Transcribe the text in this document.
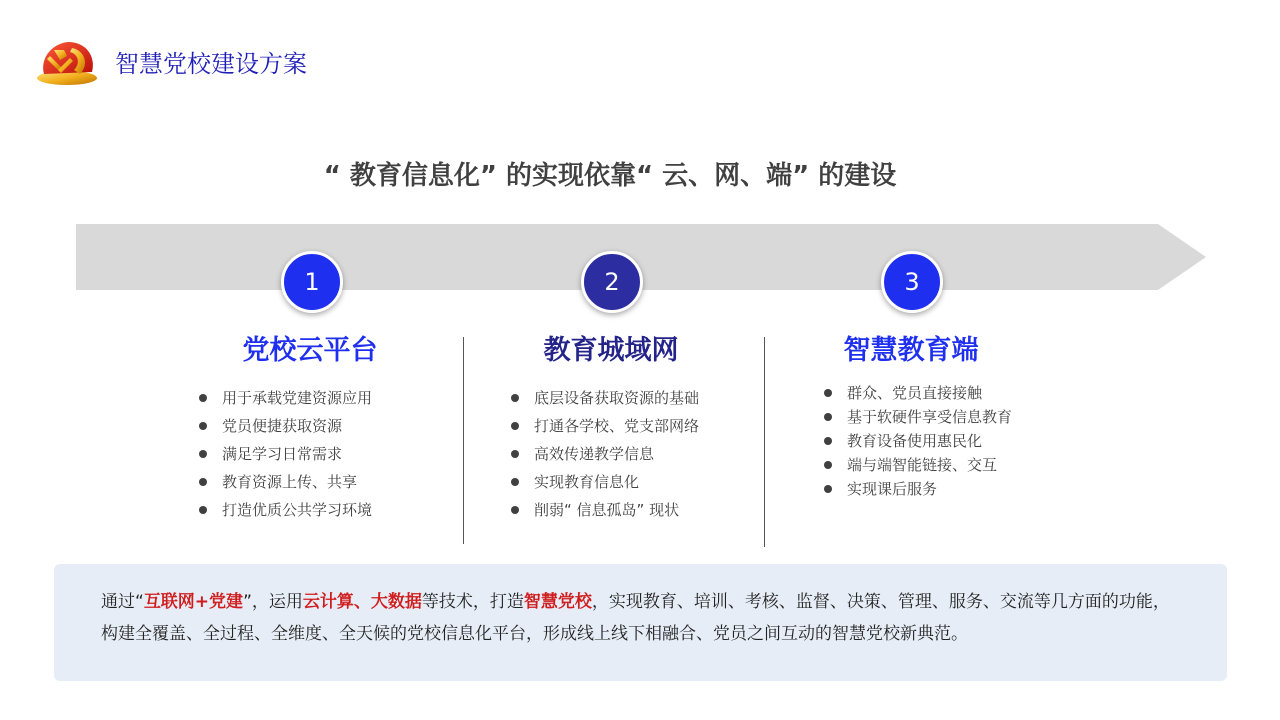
智慧党校建设方案
“ 教育信息化” 的实现依靠“ 云、网、端” 的建设
1	2	3
党校云平台	教育城域网	智慧教育端
用于承载党建资源应用
党员便捷获取资源
满足学习日常需求
教育资源上传、共享
打造优质公共学习环境
底层设备获取资源的基础
打通各学校、党支部网络
高效传递教学信息
实现教育信息化
削弱“ 信息孤岛” 现状
群众、党员直接接触
基于软硬件享受信息教育
教育设备使用惠民化
端与端智能链接、交互
实现课后服务
通过“互联网+党建”，运用云计算、大数据等技术，打造智慧党校，实现教育、培训、考核、监督、决策、管理、服务、交流等几方面的功能，构建全覆盖、全过程、全维度、全天候的党校信息化平台，形成线上线下相融合、党员之间互动的智慧党校新典范。
